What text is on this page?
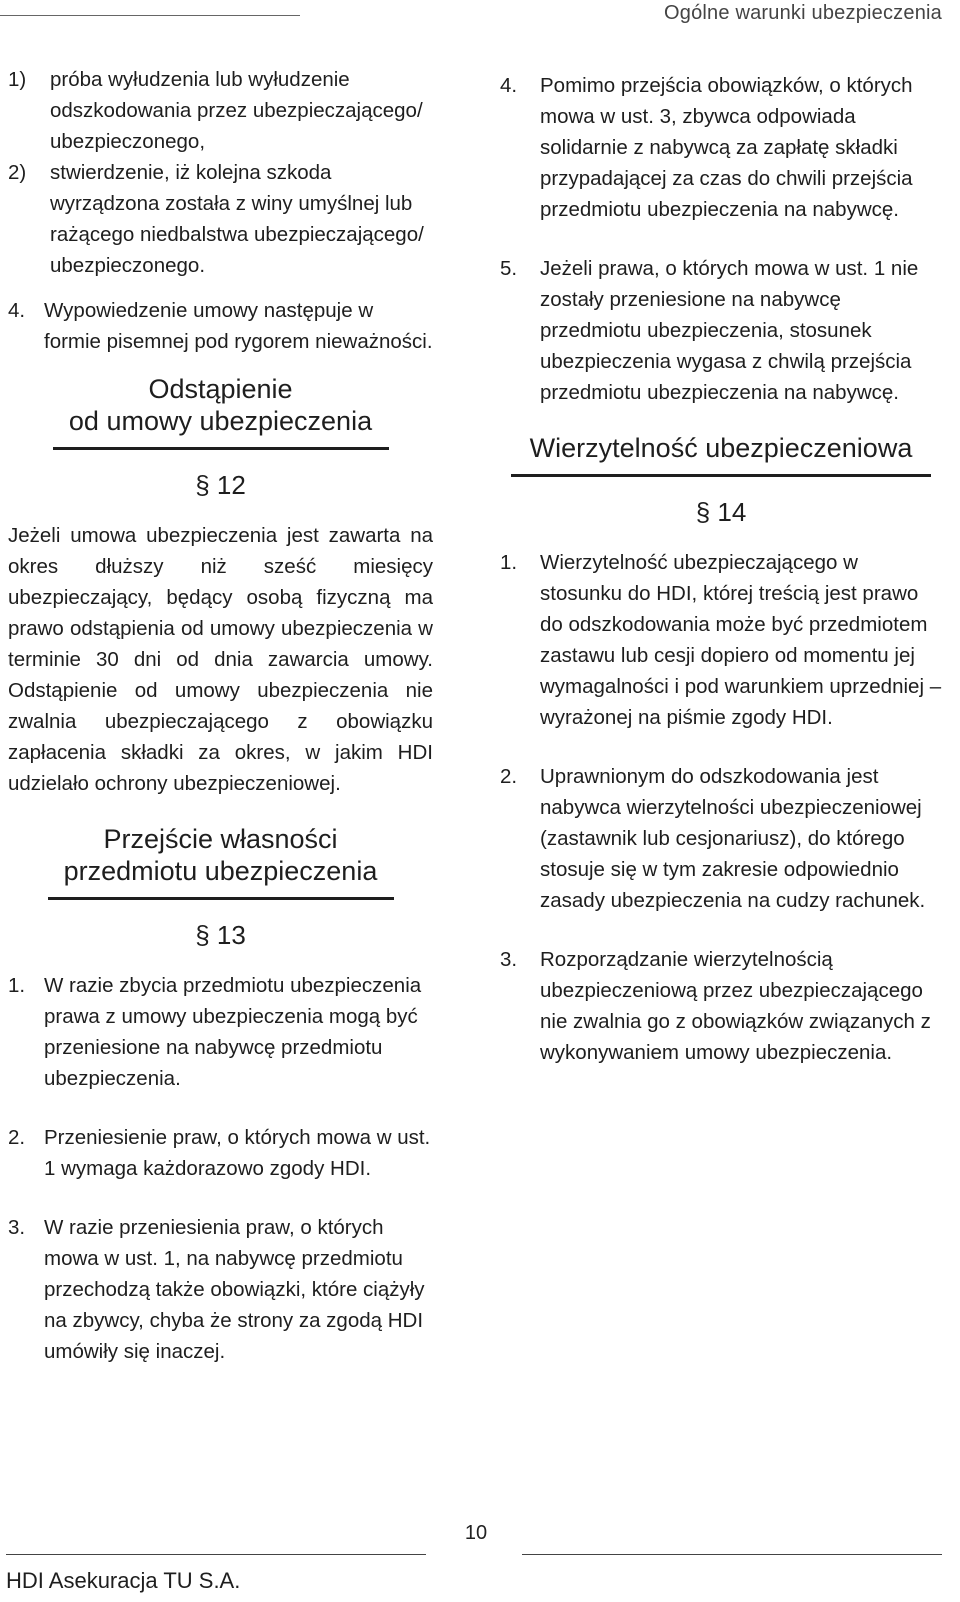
Ogólne warunki ubezpieczenia
1) próba wyłudzenia lub wyłudzenie odszkodowania przez ubezpieczającego/ ubezpieczonego,
2) stwierdzenie, iż kolejna szkoda wyrządzona została z winy umyślnej lub rażącego niedbalstwa ubezpieczającego/ ubezpieczonego.
4. Wypowiedzenie umowy następuje w formie pisemnej pod rygorem nieważności.
Odstąpienie
od umowy ubezpieczenia
§ 12
Jeżeli umowa ubezpieczenia jest zawarta na okres dłuższy niż sześć miesięcy ubezpieczający, będący osobą fizyczną ma prawo odstąpienia od umowy ubezpieczenia w terminie 30 dni od dnia zawarcia umowy. Odstąpienie od umowy ubezpieczenia nie zwalnia ubezpieczającego z obowiązku zapłacenia składki za okres, w jakim HDI udzielało ochrony ubezpieczeniowej.
Przejście własności
przedmiotu ubezpieczenia
§ 13
1. W razie zbycia przedmiotu ubezpieczenia prawa z umowy ubezpieczenia mogą być przeniesione na nabywcę przedmiotu ubezpieczenia.
2. Przeniesienie praw, o których mowa w ust. 1 wymaga każdorazowo zgody HDI.
3. W razie przeniesienia praw, o których mowa w ust. 1, na nabywcę przedmiotu przechodzą także obowiązki, które ciążyły na zbywcy, chyba że strony za zgodą HDI umówiły się inaczej.
4. Pomimo przejścia obowiązków, o których mowa w ust. 3, zbywca odpowiada solidarnie z nabywcą za zapłatę składki przypadającej za czas do chwili przejścia przedmiotu ubezpieczenia na nabywcę.
5. Jeżeli prawa, o których mowa w ust. 1 nie zostały przeniesione na nabywcę przedmiotu ubezpieczenia, stosunek ubezpieczenia wygasa z chwilą przejścia przedmiotu ubezpieczenia na nabywcę.
Wierzytelność ubezpieczeniowa
§ 14
1. Wierzytelność ubezpieczającego w stosunku do HDI, której treścią jest prawo do odszkodowania może być przedmiotem zastawu lub cesji dopiero od momentu jej wymagalności i pod warunkiem uprzedniej – wyrażonej na piśmie zgody HDI.
2. Uprawnionym do odszkodowania jest nabywca wierzytelności ubezpieczeniowej (zastawnik lub cesjonariusz), do którego stosuje się w tym zakresie odpowiednio zasady ubezpieczenia na cudzy rachunek.
3. Rozporządzanie wierzytelnością ubezpieczeniową przez ubezpieczającego nie zwalnia go z obowiązków związanych z wykonywaniem umowy ubezpieczenia.
10
HDI Asekuracja TU S.A.
